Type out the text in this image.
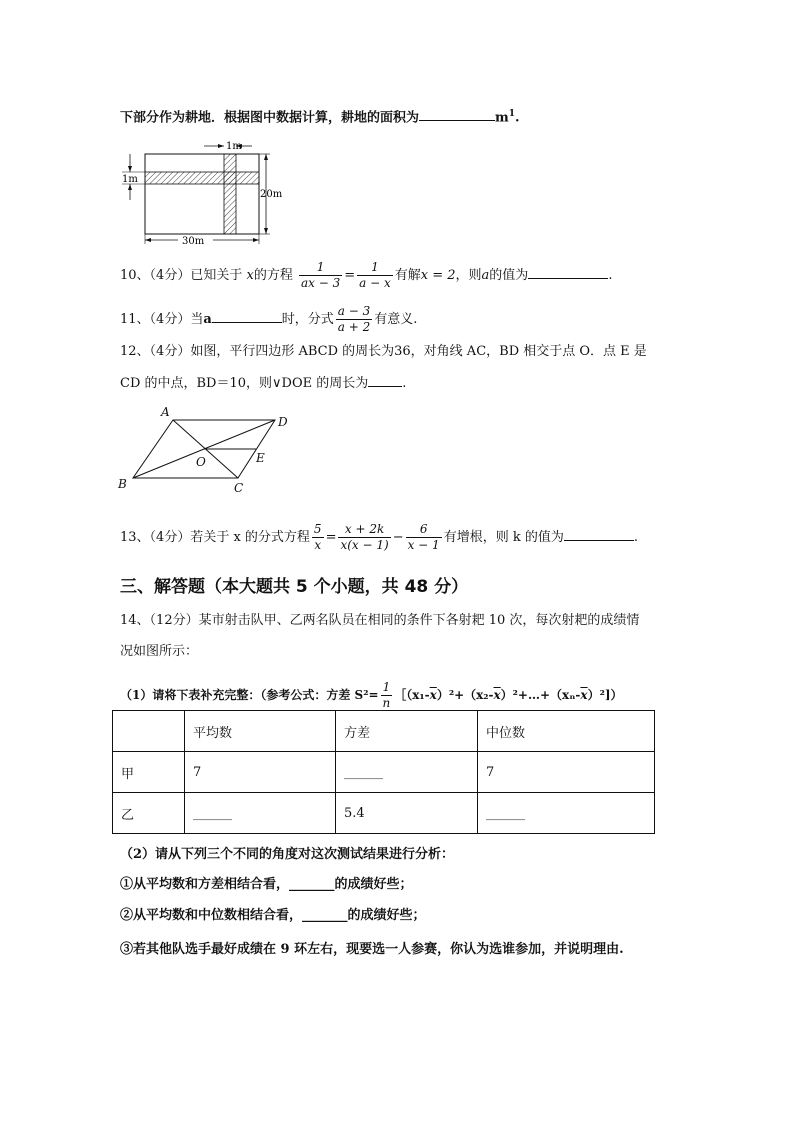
下部分作为耕地．根据图中数据计算，耕地的面积为	$m^1$.
1m
1m
20m
30m
10、（4分）已知关于 x的方程 $\frac{1}{ax - 3} = \frac{1}{a - x}$ 有解x = 2，则a的值为	.
11、（4分）当a	时，分式 $\frac{a - 3}{a + 2}$ 有意义.
12、（4分）如图，平行四边形 ABCD 的周长为36，对角线 AC，BD 相交于点 O．点 E 是
CD 的中点，BD＝10，则∨DOE 的周长为	.
A
D
B	C
O	E
13、（4分）若关于 x 的分式方程 $\frac{5}{x} = \frac{x + 2k}{x(x - 1)} - \frac{6}{x - 1}$ 有增根，则 k 的值为	.
三、解答题（本大题共 5 个小题，共 48 分）
14、（12分）某市射击队甲、乙两名队员在相同的条件下各射耙 10 次，每次射耙的成绩情
况如图所示：
（1）请将下表补充完整：（参考公式：方差 $S^2= \frac{1}{n}$ $[(x_1-\overline{x})^2+(x_2-\overline{x})^2+\dots+(x_n-\overline{x})^2$]）
	平均数	方差	中位数
甲	7	______	7
乙	______	5.4	______
（2）请从下列三个不同的角度对这次测试结果进行分析：
①从平均数和方差相结合看，_______的成绩好些；
②从平均数和中位数相结合看，_______的成绩好些；
③若其他队选手最好成绩在 9 环左右，现要选一人参赛，你认为选谁参加，并说明理由.
